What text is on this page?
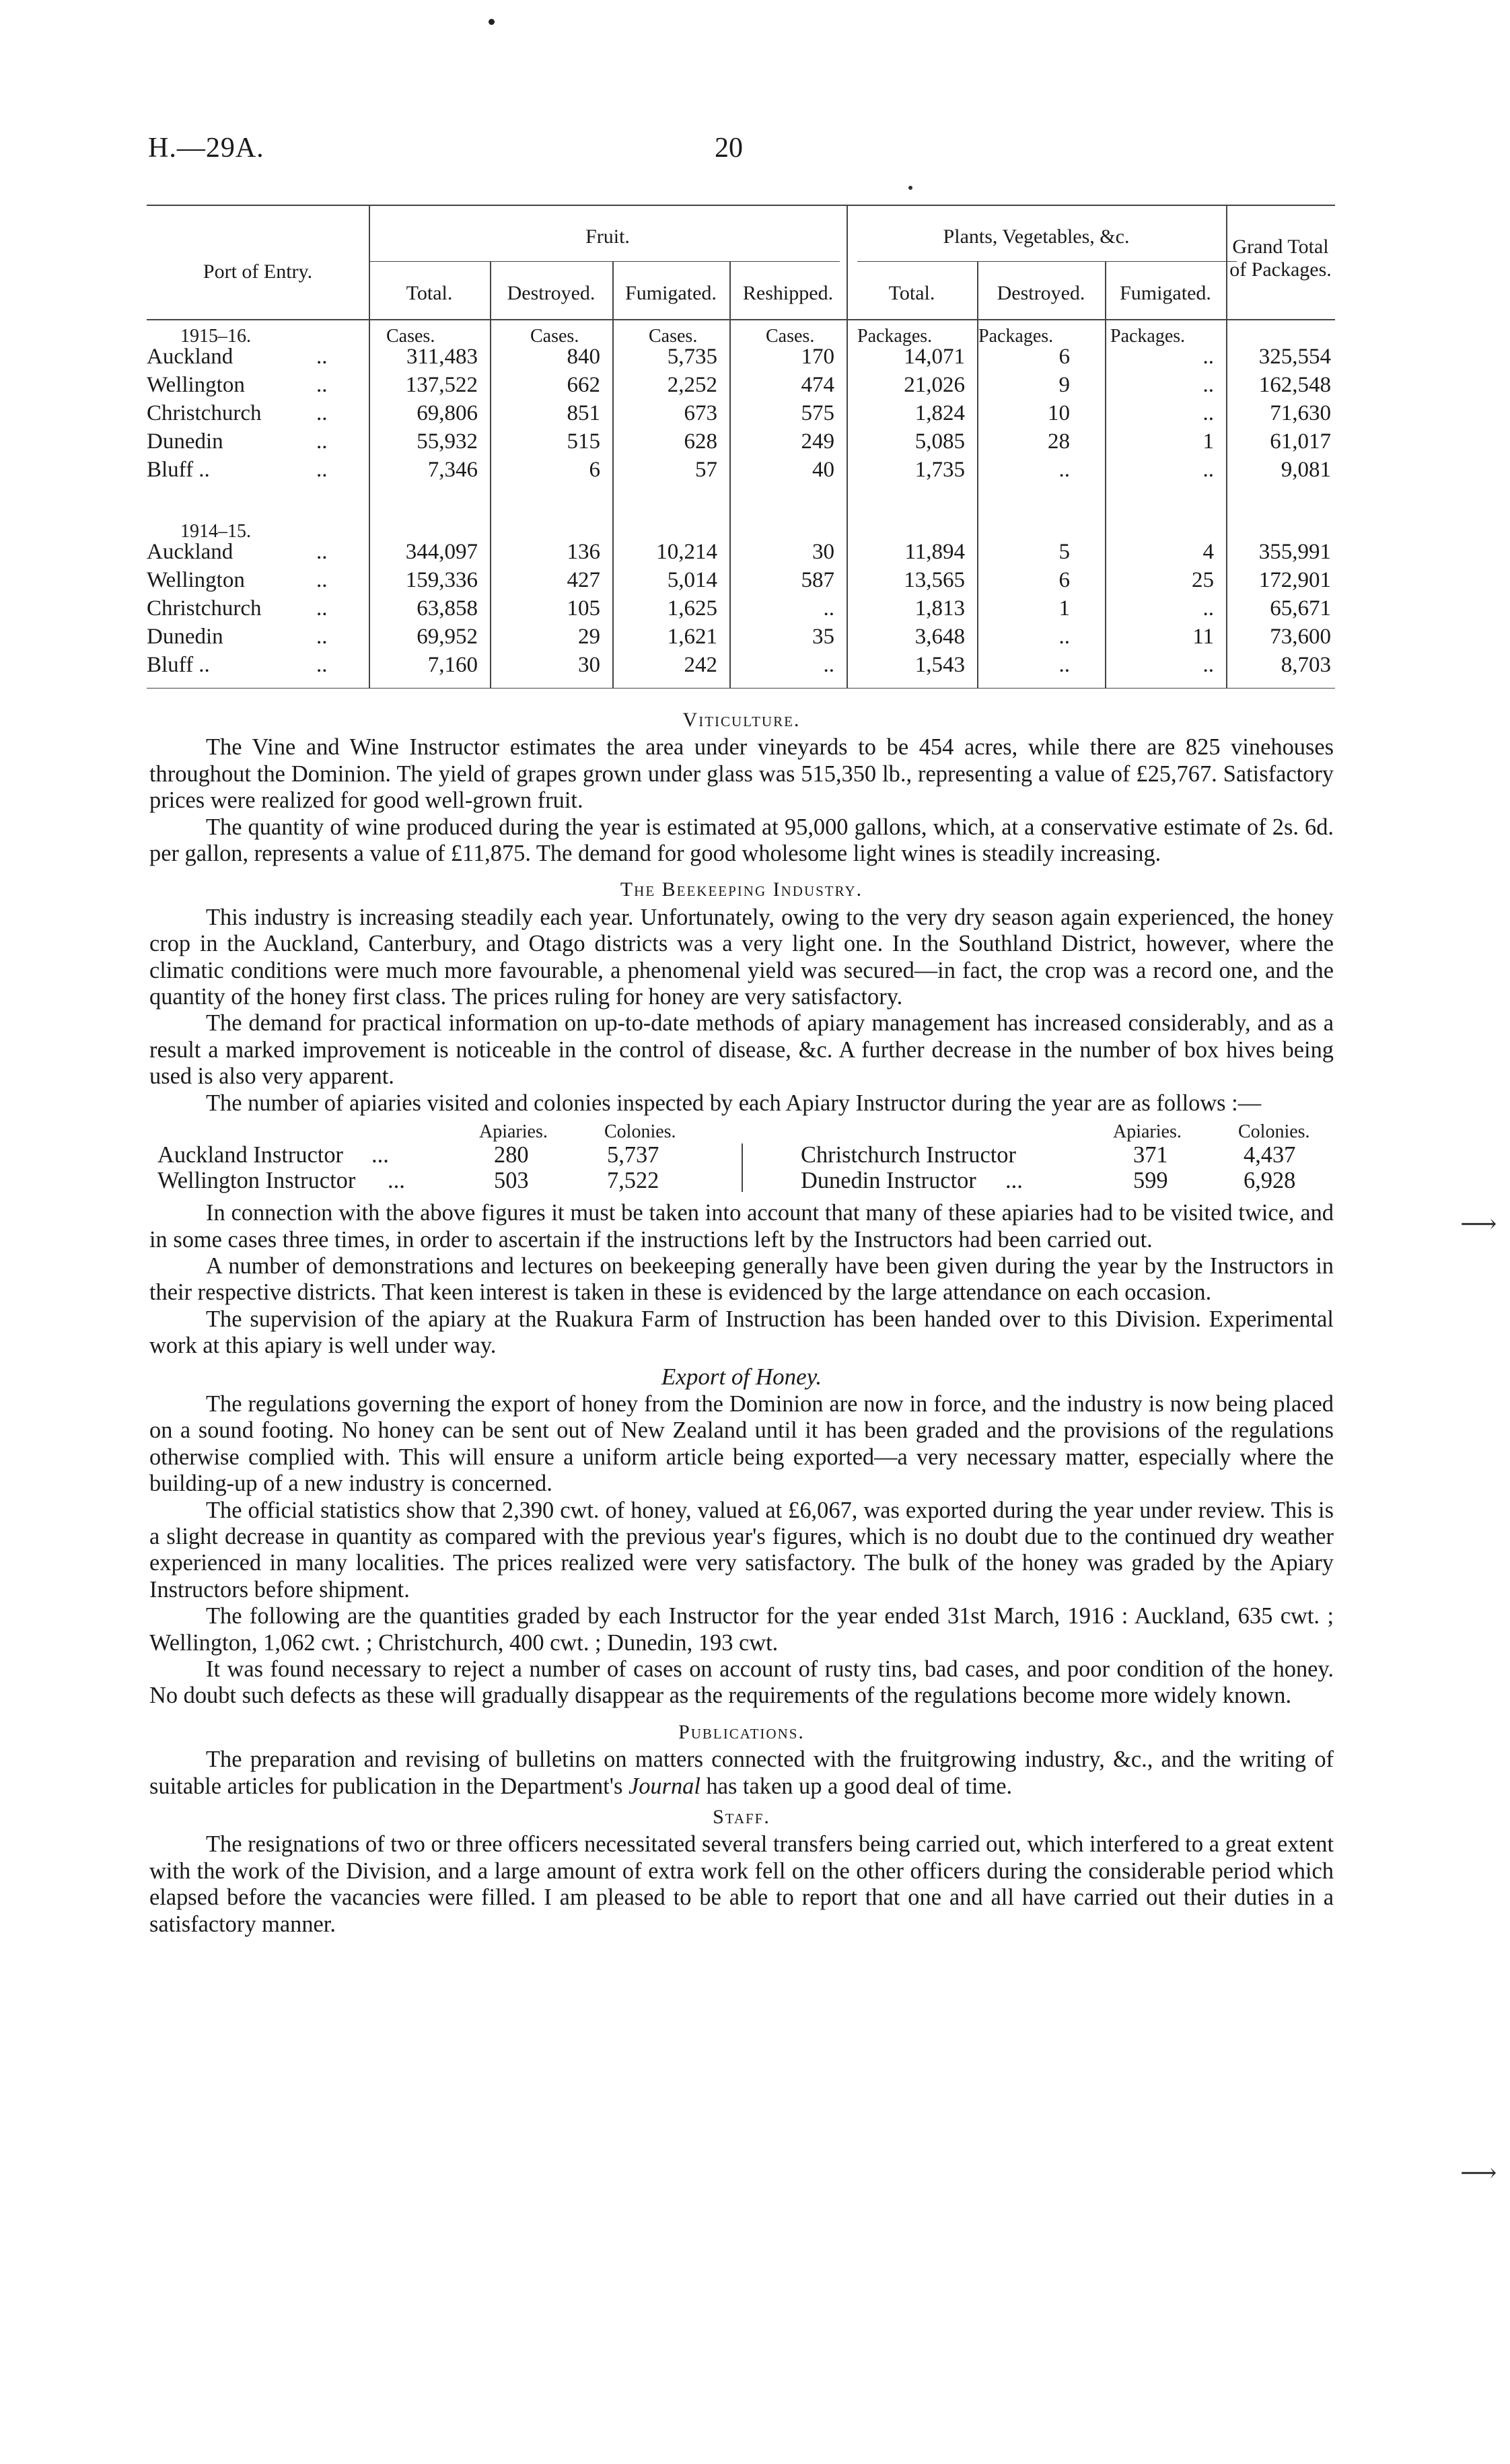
H.—29A.	20
⟶
⟶
Port of Entry.
Fruit.	Plants, Vegetables, &c.	Grand Total of Packages.
Total.	Destroyed.	Fumigated.	Reshipped.	Total.	Destroyed.	Fumigated.
1915–16.	Cases.	Cases.	Cases.	Cases. Packages. Packages.	Packages.
1914–15.
Auckland	..	311,483	840	5,735	170	14,071	6	..	325,554
Wellington	..	137,522	662	2,252	474	21,026	9	..	162,548
Christchurch ..	69,806	851	673	575	1,824	10	..	71,630
Dunedin	..	55,932	515	628	249	5,085	28	1	61,017
Bluff ..	..	7,346	6	57	40	1,735	..	..	9,081
Auckland	..	344,097	136	10,214	30	11,894	5	4	355,991
Wellington	..	159,336	427	5,014	587	13,565	6	25	172,901
Christchurch ..	63,858	105	1,625	..	1,813	1	..	65,671
Dunedin	..	69,952	29	1,621	35	3,648	..	11	73,600
Bluff ..	..	7,160	30	242	..	1,543	..	..	8,703
Viticulture.

The Vine and Wine Instructor estimates the area under vineyards to be 454 acres, while there are 825 vinehouses throughout the Dominion. The yield of grapes grown under glass was 515,350 lb., representing a value of £25,767. Satisfactory prices were realized for good well-grown fruit.

The quantity of wine produced during the year is estimated at 95,000 gallons, which, at a conservative estimate of 2s. 6d. per gallon, represents a value of £11,875. The demand for good wholesome light wines is steadily increasing.

The Beekeeping Industry.

This industry is increasing steadily each year. Unfortunately, owing to the very dry season again experienced, the honey crop in the Auckland, Canterbury, and Otago districts was a very light one. In the Southland District, however, where the climatic conditions were much more favourable, a phenomenal yield was secured—in fact, the crop was a record one, and the quantity of the honey first class. The prices ruling for honey are very satisfactory.

The demand for practical information on up-to-date methods of apiary management has increased considerably, and as a result a marked improvement is noticeable in the control of disease, &c. A further decrease in the number of box hives being used is also very apparent.

The number of apiaries visited and colonies inspected by each Apiary Instructor during the year are as follows :—

Apiaries.	Colonies.	Apiaries.	Colonies.
Auckland Instructor ...	280	5,737
Wellington Instructor ...	503	7,522
Christchurch Instructor	371	4,437
Dunedin Instructor ...	599	6,928

In connection with the above figures it must be taken into account that many of these apiaries had to be visited twice, and in some cases three times, in order to ascertain if the instructions left by the Instructors had been carried out.

A number of demonstrations and lectures on beekeeping generally have been given during the year by the Instructors in their respective districts. That keen interest is taken in these is evidenced by the large attendance on each occasion.

The supervision of the apiary at the Ruakura Farm of Instruction has been handed over to this Division. Experimental work at this apiary is well under way.

Export of Honey.

The regulations governing the export of honey from the Dominion are now in force, and the industry is now being placed on a sound footing. No honey can be sent out of New Zealand until it has been graded and the provisions of the regulations otherwise complied with. This will ensure a uniform article being exported—a very necessary matter, especially where the building-up of a new industry is concerned.

The official statistics show that 2,390 cwt. of honey, valued at £6,067, was exported during the year under review. This is a slight decrease in quantity as compared with the previous year's figures, which is no doubt due to the continued dry weather experienced in many localities. The prices realized were very satisfactory. The bulk of the honey was graded by the Apiary Instructors before shipment.

The following are the quantities graded by each Instructor for the year ended 31st March, 1916 : Auckland, 635 cwt. ; Wellington, 1,062 cwt. ; Christchurch, 400 cwt. ; Dunedin, 193 cwt.

It was found necessary to reject a number of cases on account of rusty tins, bad cases, and poor condition of the honey. No doubt such defects as these will gradually disappear as the requirements of the regulations become more widely known.

Publications.

The preparation and revising of bulletins on matters connected with the fruitgrowing industry, &c., and the writing of suitable articles for publication in the Department's Journal has taken up a good deal of time.

Staff.

The resignations of two or three officers necessitated several transfers being carried out, which interfered to a great extent with the work of the Division, and a large amount of extra work fell on the other officers during the considerable period which elapsed before the vacancies were filled. I am pleased to be able to report that one and all have carried out their duties in a satisfactory manner.
